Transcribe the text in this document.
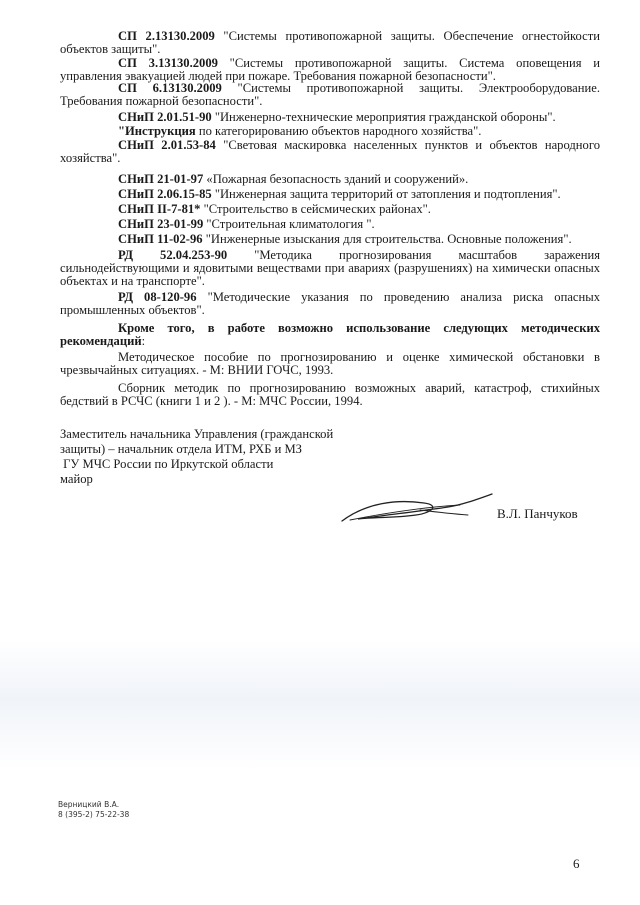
СП 2.13130.2009 "Системы противопожарной защиты. Обеспечение огнестойкости объектов защиты".

СП 3.13130.2009 "Системы противопожарной защиты. Система оповещения и управления эвакуацией людей при пожаре. Требования пожарной безопасности".

СП 6.13130.2009 "Системы противопожарной защиты. Электрооборудование. Требования пожарной безопасности".

СНиП 2.01.51-90 "Инженерно-технические мероприятия гражданской обороны".

"Инструкция по категорированию объектов народного хозяйства".

СНиП 2.01.53-84 "Световая маскировка населенных пунктов и объектов народного хозяйства".

СНиП 21-01-97 «Пожарная безопасность зданий и сооружений».

СНиП 2.06.15-85 "Инженерная защита территорий от затопления и подтопления".

СНиП II-7-81* "Строительство в сейсмических районах".

СНиП 23-01-99 "Строительная климатология ".

СНиП 11-02-96 "Инженерные изыскания для строительства. Основные положения".

РД 52.04.253-90 "Методика прогнозирования масштабов заражения сильнодействующими и ядовитыми веществами при авариях (разрушениях) на химически опасных объектах и на транспорте".

РД 08-120-96 "Методические указания по проведению анализа риска опасных промышленных объектов".

Кроме того, в работе возможно использование следующих методических рекомендаций:

Методическое пособие по прогнозированию и оценке химической обстановки в чрезвычайных ситуациях. - М: ВНИИ ГОЧС, 1993.

Сборник методик по прогнозированию возможных аварий, катастроф, стихийных бедствий в РСЧС (книги 1 и 2 ). - М: МЧС России, 1994.

Заместитель начальника Управления (гражданской
защиты) – начальник отдела ИТМ, РХБ и МЗ
ГУ МЧС России по Иркутской области
майор
В.Л. Панчуков
Верницкий В.А.
8 (395-2) 75-22-38
6
